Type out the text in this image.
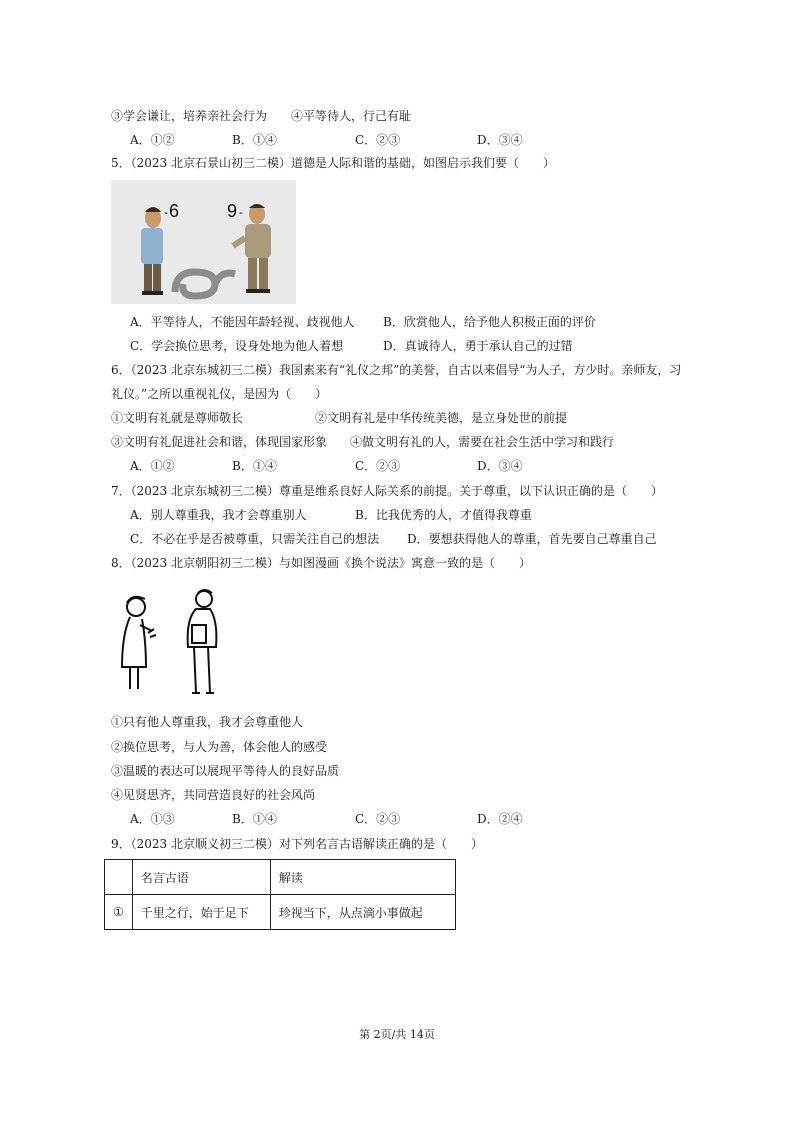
③学会谦让，培养亲社会行为　　④平等待人，行己有耻
A．①②	B．①④	C．②③	D．③④
5．（2023 北京石景山初三二模）道德是人际和谐的基础，如图启示我们要（　　）
6
-	9 -
A．平等待人，不能因年龄轻视、歧视他人 B．欣赏他人，给予他人积极正面的评价
C．学会换位思考，设身处地为他人着想	D．真诚待人，勇于承认自己的过错
6．（2023 北京东城初三二模）我国素来有“礼仪之邦”的美誉，自古以来倡导“为人子，方少时。亲师友，习
礼仪。”之所以重视礼仪，是因为（　　）
①文明有礼就是尊师敬长	②文明有礼是中华传统美德，是立身处世的前提
③文明有礼促进社会和谐，体现国家形象 ④做文明有礼的人，需要在社会生活中学习和践行
A．①②	B．①④	C．②③	D．③④
7．（2023 北京东城初三二模）尊重是维系良好人际关系的前提。关于尊重，以下认识正确的是（　　）
A．别人尊重我，我才会尊重别人	B．比我优秀的人，才值得我尊重
C．不必在乎是否被尊重，只需关注自己的想法 D．要想获得他人的尊重，首先要自己尊重自己
8．（2023 北京朝阳初三二模）与如图漫画《换个说法》寓意一致的是（　　）
①只有他人尊重我，我才会尊重他人
②换位思考，与人为善，体会他人的感受
③温暖的表达可以展现平等待人的良好品质
④见贤思齐，共同营造良好的社会风尚
A．①③	B．①④	C．②③	D．②④
9．（2023 北京顺义初三二模）对下列名言古语解读正确的是（　　）
	名言古语	解读
①	千里之行，始于足下	珍视当下，从点滴小事做起
第 2页/共 14页
